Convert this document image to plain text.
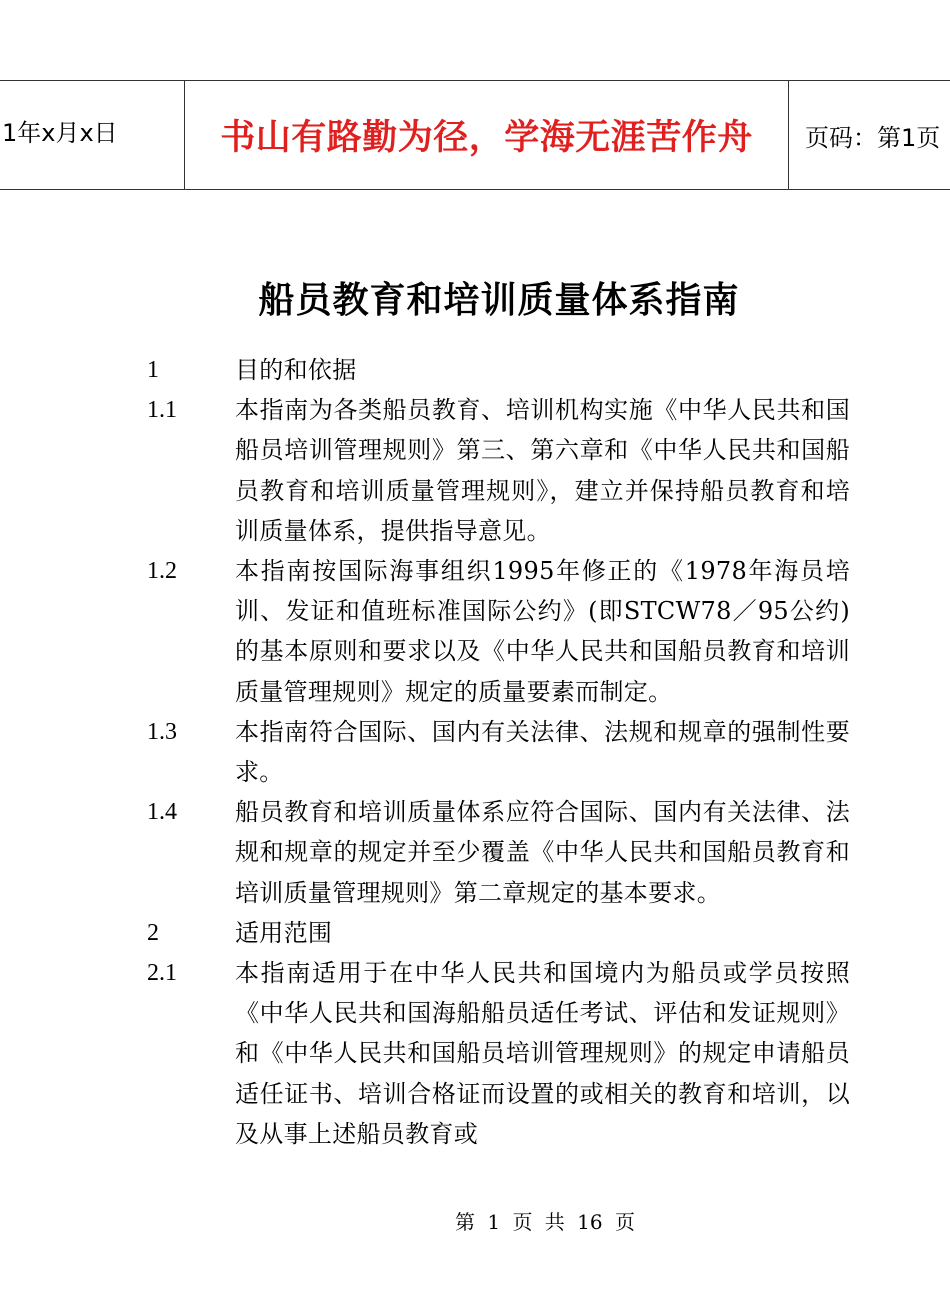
1年x月x日	书山有路勤为径，学海无涯苦作舟	页码：第1页
船员教育和培训质量体系指南
1	目的和依据
1.1 本指南为各类船员教育、培训机构实施《中华人民共和国船员培训管理规则》第三、第六章和《中华人民共和国船员教育和培训质量管理规则》，建立并保持船员教育和培训质量体系，提供指导意见。
1.2 本指南按国际海事组织1995年修正的《1978年海员培训、发证和值班标准国际公约》(即STCW78／95公约)的基本原则和要求以及《中华人民共和国船员教育和培训质量管理规则》规定的质量要素而制定。
1.3 本指南符合国际、国内有关法律、法规和规章的强制性要求。
1.4 船员教育和培训质量体系应符合国际、国内有关法律、法规和规章的规定并至少覆盖《中华人民共和国船员教育和培训质量管理规则》第二章规定的基本要求。
2	适用范围
2.1 本指南适用于在中华人民共和国境内为船员或学员按照《中华人民共和国海船船员适任考试、评估和发证规则》和《中华人民共和国船员培训管理规则》的规定申请船员适任证书、培训合格证而设置的或相关的教育和培训，以及从事上述船员教育或
第 1 页 共 16 页
